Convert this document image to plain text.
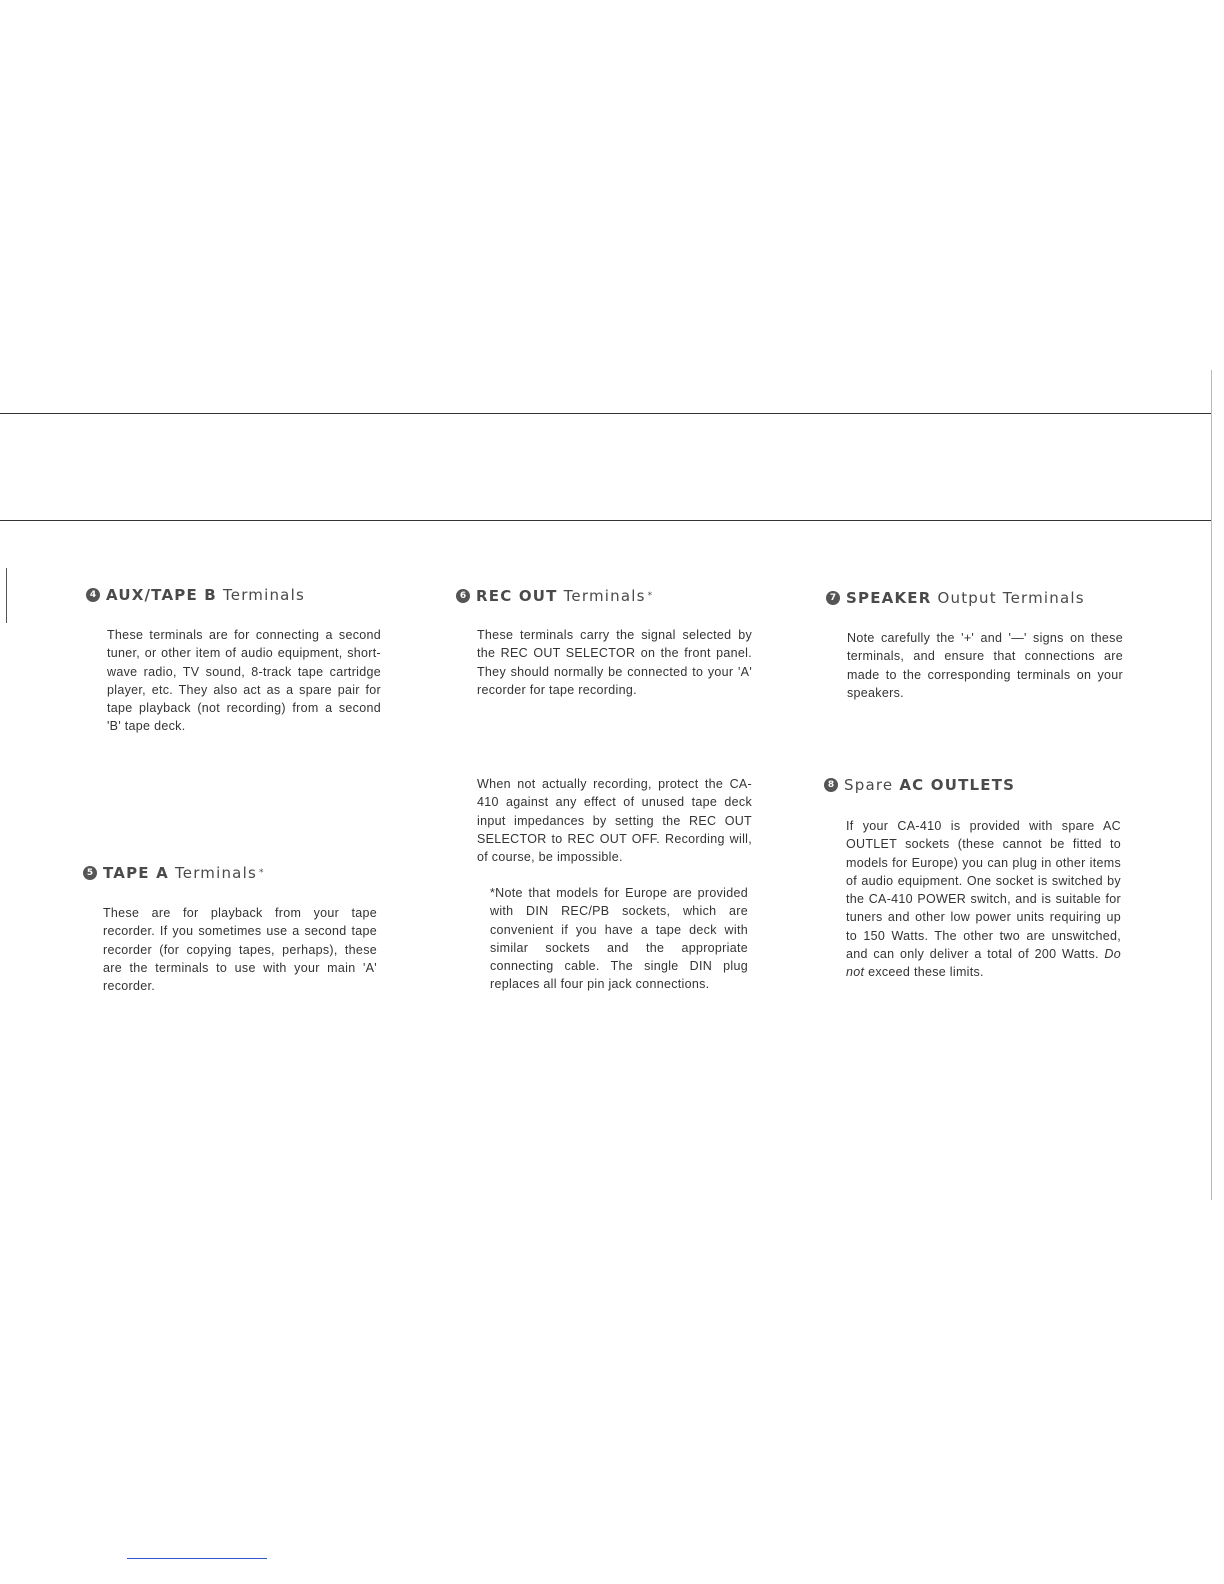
4 AUX/TAPE B Terminals
These terminals are for connecting a second tuner, or other item of audio equipment, short-wave radio, TV sound, 8-track tape cartridge player, etc. They also act as a spare pair for tape playback (not recording) from a second 'B' tape deck.
5 TAPE A Terminals *
These are for playback from your tape recorder. If you sometimes use a second tape recorder (for copying tapes, perhaps), these are the terminals to use with your main 'A' recorder.
6 REC OUT Terminals *
These terminals carry the signal selected by the REC OUT SELECTOR on the front panel. They should normally be connected to your 'A' recorder for tape recording.
When not actually recording, protect the CA-410 against any effect of unused tape deck input impedances by setting the REC OUT SELECTOR to REC OUT OFF. Recording will, of course, be impossible.
*Note that models for Europe are provided with DIN REC/PB sockets, which are convenient if you have a tape deck with similar sockets and the appropriate connecting cable. The single DIN plug replaces all four pin jack connections.
7 SPEAKER Output Terminals
Note carefully the '+' and '—' signs on these terminals, and ensure that connections are made to the corresponding terminals on your speakers.
8 Spare AC OUTLETS
If your CA-410 is provided with spare AC OUTLET sockets (these cannot be fitted to models for Europe) you can plug in other items of audio equipment. One socket is switched by the CA-410 POWER switch, and is suitable for tuners and other low power units requiring up to 150 Watts. The other two are unswitched, and can only deliver a total of 200 Watts. Do not exceed these limits.
